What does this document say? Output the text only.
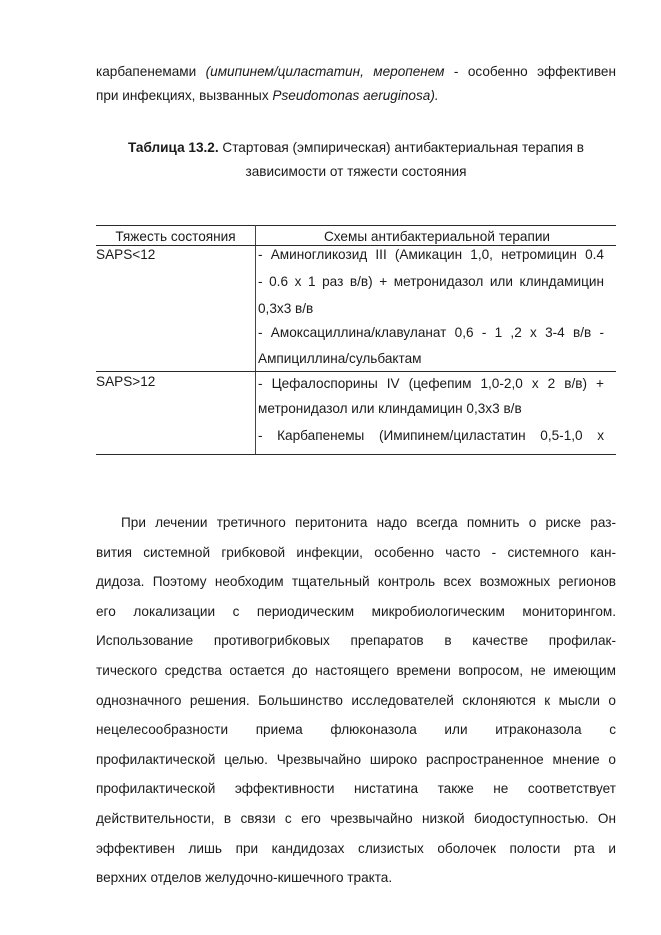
карбапенемами (имипинем/циластатин, меропенем - особенно эффективен
при инфекциях, вызванных Pseudomonas aeruginosa).
Таблица 13.2. Стартовая (эмпирическая) антибактериальная терапия в
зависимости от тяжести состояния
Тяжесть состояния	Схемы антибактериальной терапии
SAPS<12	- Аминогликозид III (Амикацин 1,0, нетромицин 0.4
- 0.6 х 1 раз в/в) + метронидазол или клиндамицин
0,3х3 в/в
- Амоксациллина/клавуланат 0,6 - 1 ,2 х 3-4 в/в -
Ампициллина/сульбактам
SAPS>12	- Цефалоспорины IV (цефепим 1,0-2,0 х 2 в/в) +
метронидазол или клиндамицин 0,3х3 в/в
- Карбапенемы (Имипинем/циластатин 0,5-1,0 х
При лечении третичного перитонита надо всегда помнить о риске раз-
вития системной грибковой инфекции, особенно часто - системного кан-
дидоза. Поэтому необходим тщательный контроль всех возможных регионов
его локализации с периодическим микробиологическим мониторингом.
Использование противогрибковых препаратов в качестве профилак-
тического средства остается до настоящего времени вопросом, не имеющим
однозначного решения. Большинство исследователей склоняются к мысли о
нецелесообразности приема флюконазола или итраконазола с
профилактической целью. Чрезвычайно широко распространенное мнение о
профилактической эффективности нистатина также не соответствует
действительности, в связи с его чрезвычайно низкой биодоступностью. Он
эффективен лишь при кандидозах слизистых оболочек полости рта и
верхних отделов желудочно-кишечного тракта.
